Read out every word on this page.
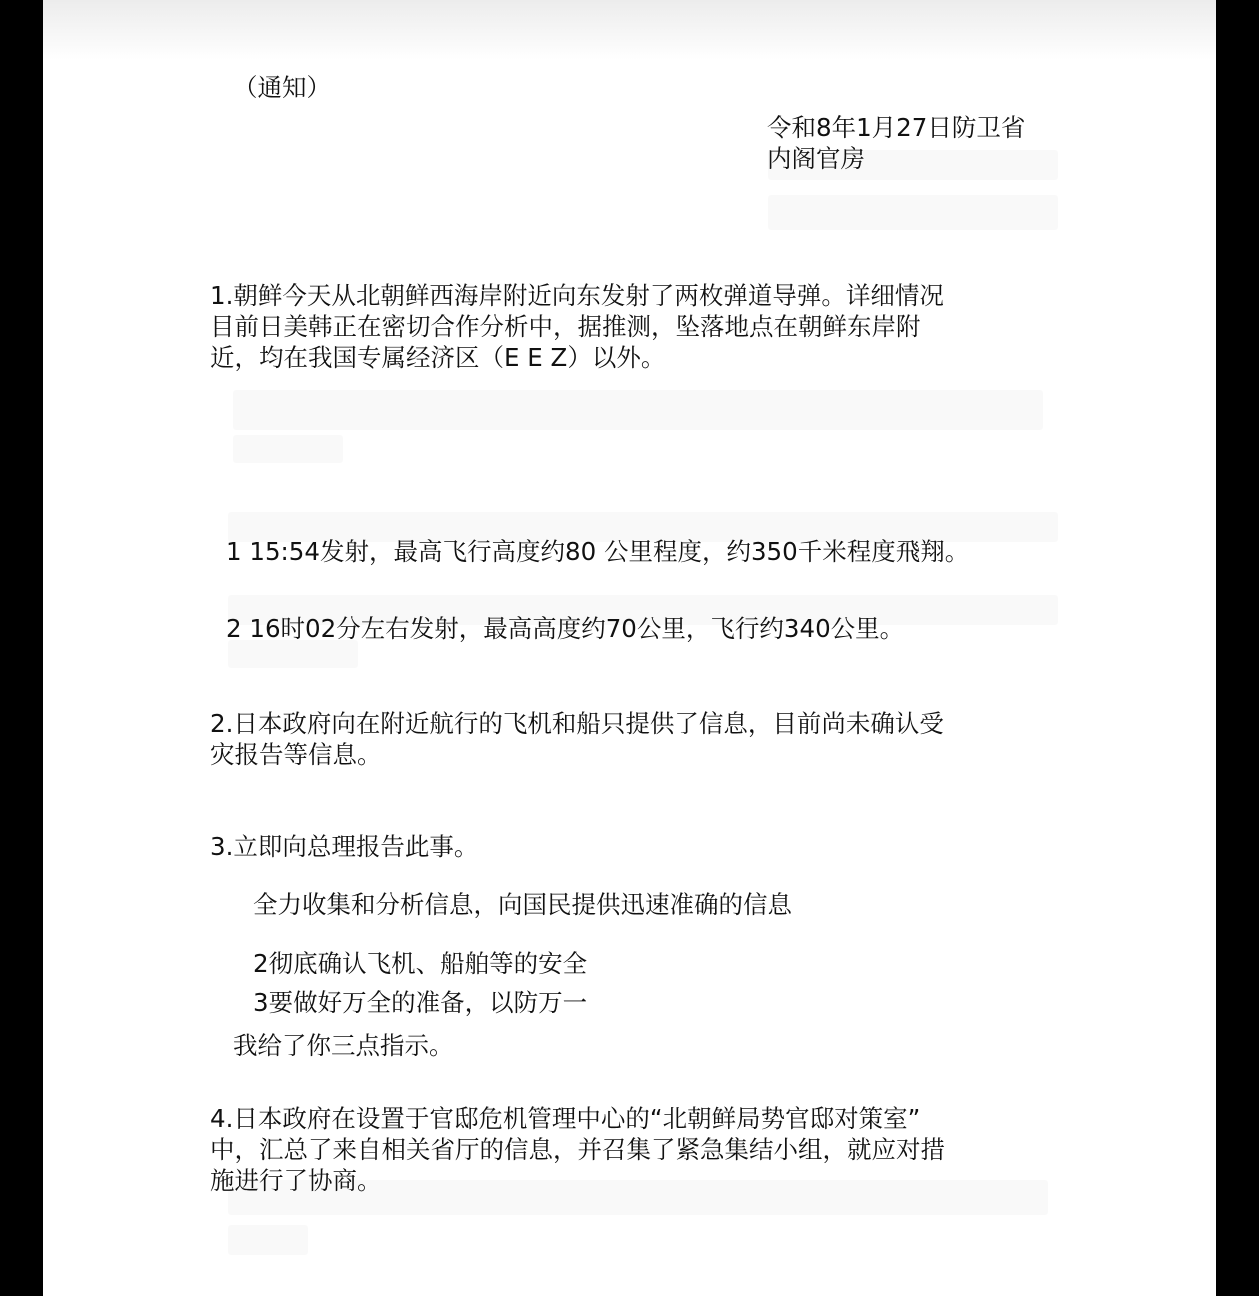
（通知）
令和8年1月27日防卫省
内阁官房
1.朝鲜今天从北朝鲜西海岸附近向东发射了两枚弹道导弹。详细情况
目前日美韩正在密切合作分析中，据推测，坠落地点在朝鲜东岸附
近，均在我国专属经济区（E E Z）以外。
1 15:54发射，最高飞行高度约80 公里程度，约350千米程度飛翔。
2 16时02分左右发射，最高高度约70公里，飞行约340公里。
2.日本政府向在附近航行的飞机和船只提供了信息，目前尚未确认受
灾报告等信息。
3.立即向总理报告此事。
全力收集和分析信息，向国民提供迅速准确的信息
2彻底确认飞机、船舶等的安全
3要做好万全的准备，以防万一
我给了你三点指示。
4.日本政府在设置于官邸危机管理中心的“北朝鲜局势官邸对策室”
中，汇总了来自相关省厅的信息，并召集了紧急集结小组，就应对措
施进行了协商。
